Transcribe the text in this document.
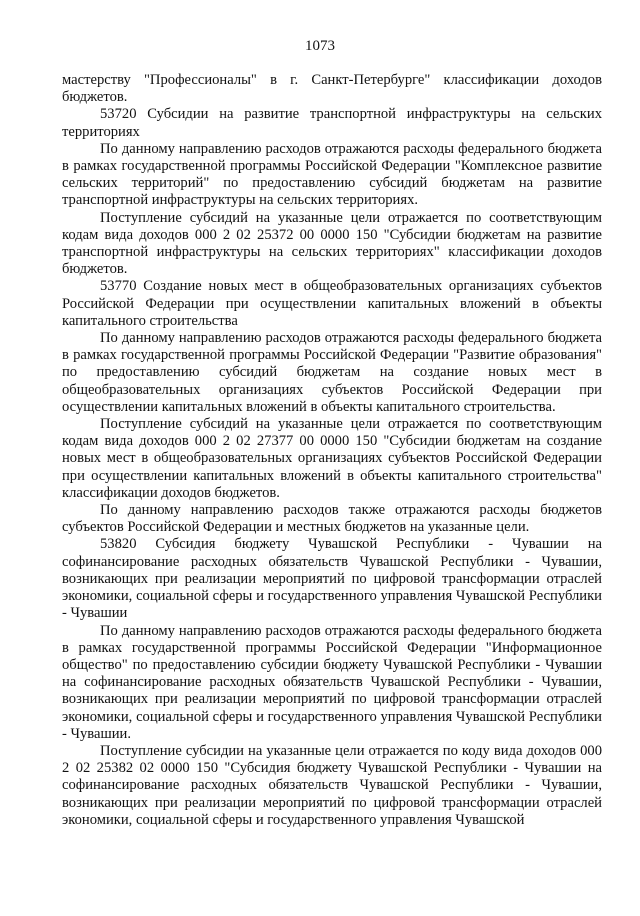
1073

мастерству "Профессионалы" в г. Санкт-Петербурге" классификации доходов бюджетов.

53720 Субсидии на развитие транспортной инфраструктуры на сельских территориях

По данному направлению расходов отражаются расходы федерального бюджета в рамках государственной программы Российской Федерации "Комплексное развитие сельских территорий" по предоставлению субсидий бюджетам на развитие транспортной инфраструктуры на сельских территориях.

Поступление субсидий на указанные цели отражается по соответствующим кодам вида доходов 000 2 02 25372 00 0000 150 "Субсидии бюджетам на развитие транспортной инфраструктуры на сельских территориях" классификации доходов бюджетов.

53770 Создание новых мест в общеобразовательных организациях субъектов Российской Федерации при осуществлении капитальных вложений в объекты капитального строительства

По данному направлению расходов отражаются расходы федерального бюджета в рамках государственной программы Российской Федерации "Развитие образования" по предоставлению субсидий бюджетам на создание новых мест в общеобразовательных организациях субъектов Российской Федерации при осуществлении капитальных вложений в объекты капитального строительства.

Поступление субсидий на указанные цели отражается по соответствующим кодам вида доходов 000 2 02 27377 00 0000 150 "Субсидии бюджетам на создание новых мест в общеобразовательных организациях субъектов Российской Федерации при осуществлении капитальных вложений в объекты капитального строительства" классификации доходов бюджетов.

По данному направлению расходов также отражаются расходы бюджетов субъектов Российской Федерации и местных бюджетов на указанные цели.

53820 Субсидия бюджету Чувашской Республики - Чувашии на софинансирование расходных обязательств Чувашской Республики - Чувашии, возникающих при реализации мероприятий по цифровой трансформации отраслей экономики, социальной сферы и государственного управления Чувашской Республики - Чувашии

По данному направлению расходов отражаются расходы федерального бюджета в рамках государственной программы Российской Федерации "Информационное общество" по предоставлению субсидии бюджету Чувашской Республики - Чувашии на софинансирование расходных обязательств Чувашской Республики - Чувашии, возникающих при реализации мероприятий по цифровой трансформации отраслей экономики, социальной сферы и государственного управления Чувашской Республики - Чувашии.

Поступление субсидии на указанные цели отражается по коду вида доходов 000 2 02 25382 02 0000 150 "Субсидия бюджету Чувашской Республики - Чувашии на софинансирование расходных обязательств Чувашской Республики - Чувашии, возникающих при реализации мероприятий по цифровой трансформации отраслей экономики, социальной сферы и государственного управления Чувашской
